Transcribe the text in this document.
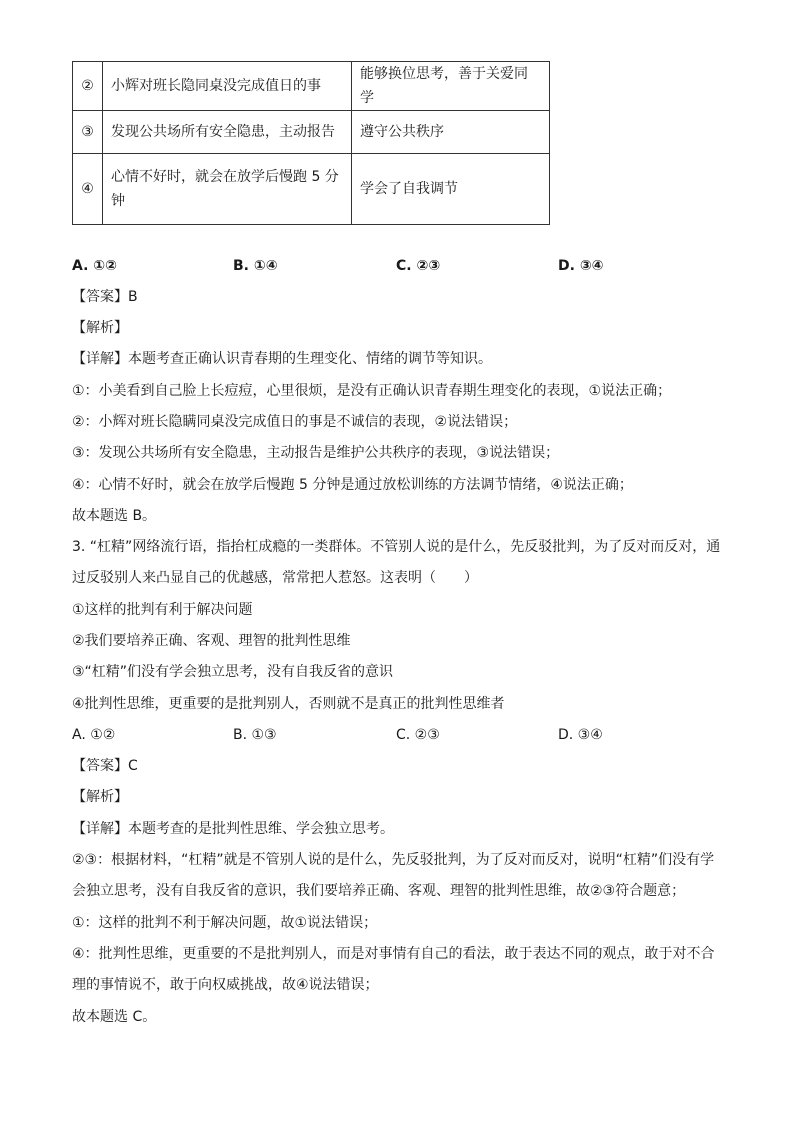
②	小辉对班长隐同桌没完成值日的事	能够换位思考，善于关爱同学
③	发现公共场所有安全隐患，主动报告	遵守公共秩序
④	心情不好时，就会在放学后慢跑 5 分钟	学会了自我调节
A. ①②	B. ①④	C. ②③	D. ③④
【答案】B
【解析】
【详解】本题考查正确认识青春期的生理变化、情绪的调节等知识。
①：小美看到自己脸上长痘痘，心里很烦，是没有正确认识青春期生理变化的表现，①说法正确；
②：小辉对班长隐瞒同桌没完成值日的事是不诚信的表现，②说法错误；
③：发现公共场所有安全隐患，主动报告是维护公共秩序的表现，③说法错误；
④：心情不好时，就会在放学后慢跑 5 分钟是通过放松训练的方法调节情绪，④说法正确；
故本题选 B。
3. “杠精”网络流行语，指抬杠成瘾的一类群体。不管别人说的是什么，先反驳批判，为了反对而反对，通过反驳别人来凸显自己的优越感，常常把人惹怒。这表明（　　）
①这样的批判有利于解决问题
②我们要培养正确、客观、理智的批判性思维
③“杠精”们没有学会独立思考，没有自我反省的意识
④批判性思维，更重要的是批判别人，否则就不是真正的批判性思维者
A. ①②	B. ①③	C. ②③	D. ③④
【答案】C
【解析】
【详解】本题考查的是批判性思维、学会独立思考。
②③：根据材料，“杠精”就是不管别人说的是什么，先反驳批判，为了反对而反对，说明“杠精”们没有学会独立思考，没有自我反省的意识，我们要培养正确、客观、理智的批判性思维，故②③符合题意；
①：这样的批判不利于解决问题，故①说法错误；
④：批判性思维，更重要的不是批判别人，而是对事情有自己的看法，敢于表达不同的观点，敢于对不合理的事情说不，敢于向权威挑战，故④说法错误；
故本题选 C。
